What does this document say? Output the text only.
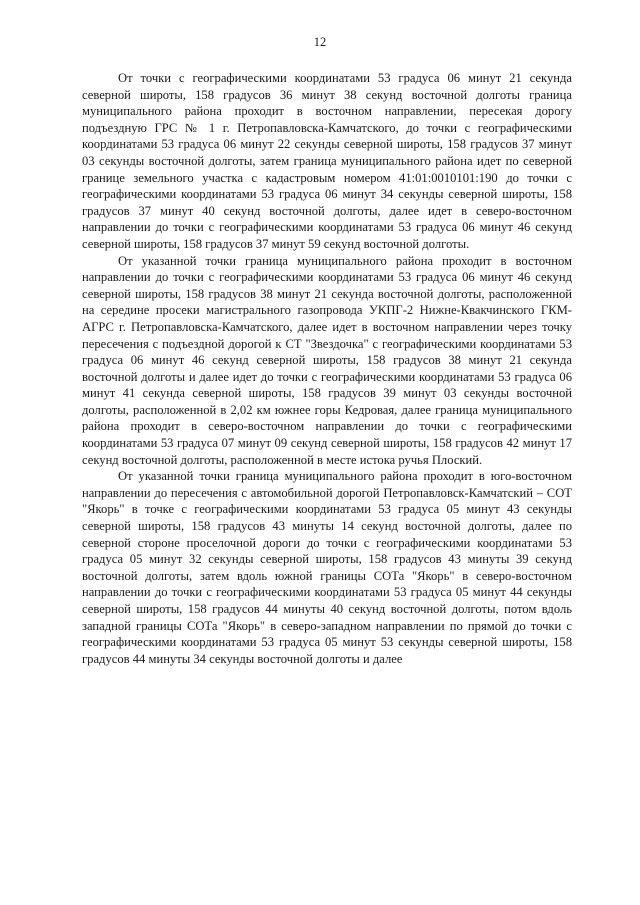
12

От точки с географическими координатами 53 градуса 06 минут 21 секунда северной широты, 158 градусов 36 минут 38 секунд восточной долготы граница муниципального района проходит в восточном направлении, пересекая дорогу подъездную ГРС № 1 г. Петропавловска-Камчатского, до точки с географическими координатами 53 градуса 06 минут 22 секунды северной широты, 158 градусов 37 минут 03 секунды восточной долготы, затем граница муниципального района идет по северной границе земельного участка с кадастровым номером 41:01:0010101:190 до точки с географическими координатами 53 градуса 06 минут 34 секунды северной широты, 158 градусов 37 минут 40 секунд восточной долготы, далее идет в северо-восточном направлении до точки с географическими координатами 53 градуса 06 минут 46 секунд северной широты, 158 градусов 37 минут 59 секунд восточной долготы.

От указанной точки граница муниципального района проходит в восточном направлении до точки с географическими координатами 53 градуса 06 минут 46 секунд северной широты, 158 градусов 38 минут 21 секунда восточной долготы, расположенной на середине просеки магистрального газопровода УКПГ-2 Нижне-Квакчинского ГКМ-АГРС г. Петропавловска-Камчатского, далее идет в восточном направлении через точку пересечения с подъездной дорогой к СТ "Звездочка" с географическими координатами 53 градуса 06 минут 46 секунд северной широты, 158 градусов 38 минут 21 секунда восточной долготы и далее идет до точки с географическими координатами 53 градуса 06 минут 41 секунда северной широты, 158 градусов 39 минут 03 секунды восточной долготы, расположенной в 2,02 км южнее горы Кедровая, далее граница муниципального района проходит в северо-восточном направлении до точки с географическими координатами 53 градуса 07 минут 09 секунд северной широты, 158 градусов 42 минут 17 секунд восточной долготы, расположенной в месте истока ручья Плоский.

От указанной точки граница муниципального района проходит в юго-восточном направлении до пересечения с автомобильной дорогой Петропавловск-Камчатский – СОТ "Якорь" в точке с географическими координатами 53 градуса 05 минут 43 секунды северной широты, 158 градусов 43 минуты 14 секунд восточной долготы, далее по северной стороне проселочной дороги до точки с географическими координатами 53 градуса 05 минут 32 секунды северной широты, 158 градусов 43 минуты 39 секунд восточной долготы, затем вдоль южной границы СОТа "Якорь" в северо-восточном направлении до точки с географическими координатами 53 градуса 05 минут 44 секунды северной широты, 158 градусов 44 минуты 40 секунд восточной долготы, потом вдоль западной границы СОТа "Якорь" в северо-западном направлении по прямой до точки с географическими координатами 53 градуса 05 минут 53 секунды северной широты, 158 градусов 44 минуты 34 секунды восточной долготы и далее
